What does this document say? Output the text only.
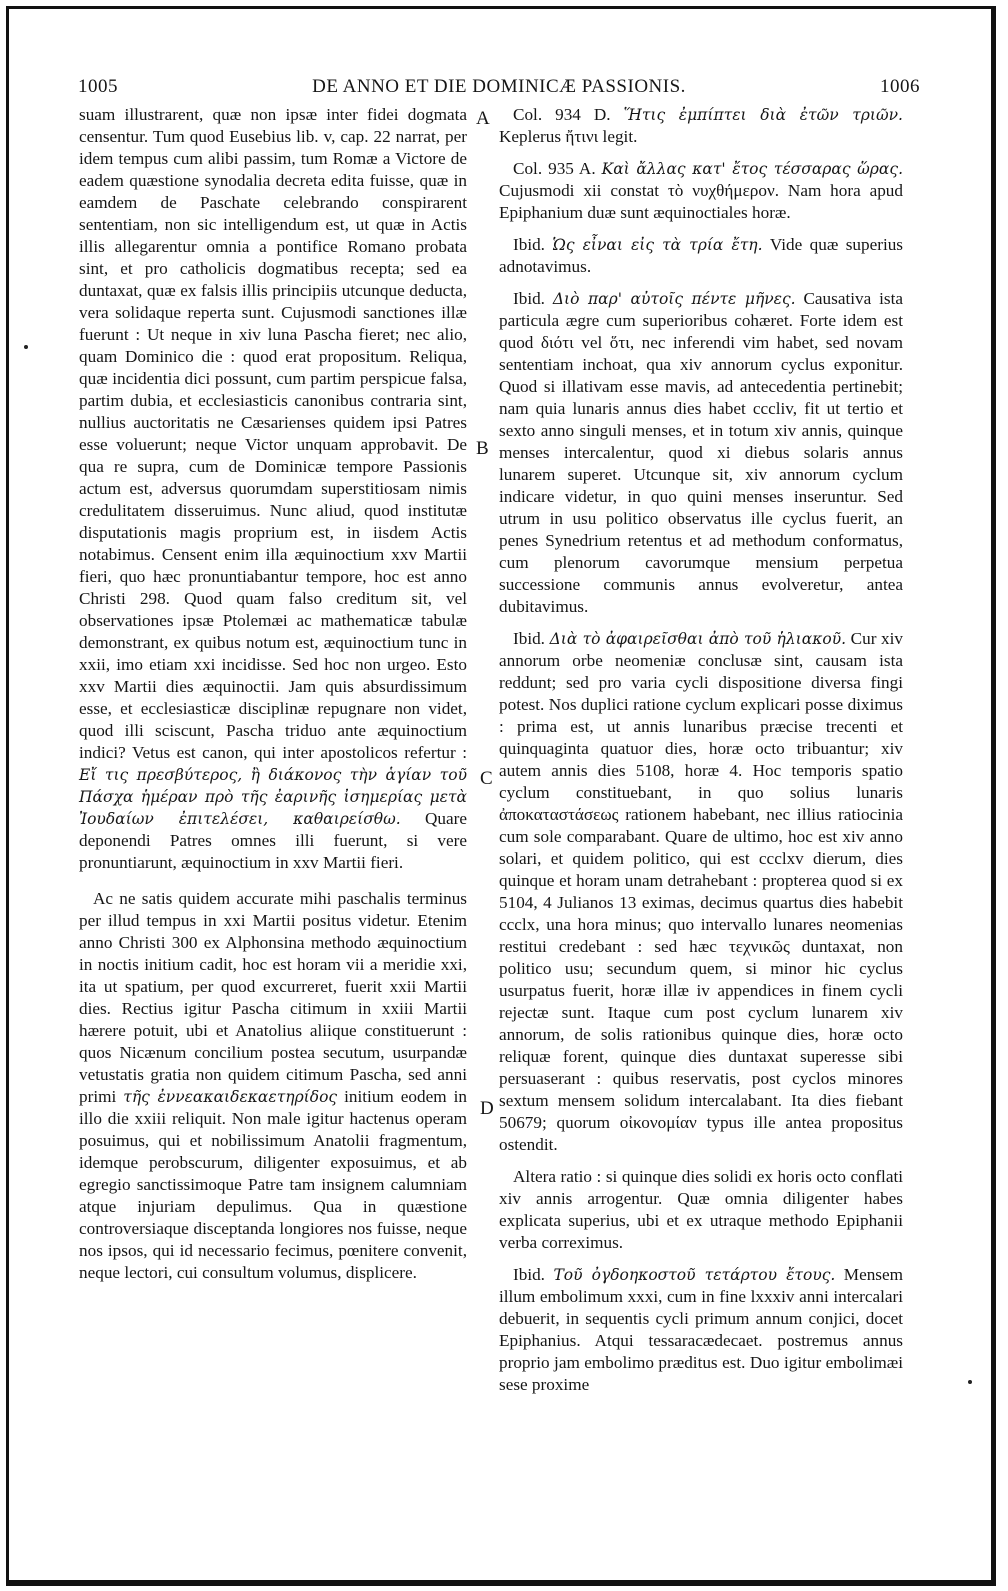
1005	DE ANNO ET DIE DOMINICÆ PASSIONIS.	1006
A
B
C
D

suam illustrarent, quæ non ipsæ inter fidei dogmata censentur. Tum quod Eusebius lib. v, cap. 22 narrat, per idem tempus cum alibi passim, tum Romæ a Victore de eadem quæstione synodalia decreta edita fuisse, quæ in eamdem de Paschate celebrando conspirarent sententiam, non sic intelligendum est, ut quæ in Actis illis allegarentur omnia a pontifice Romano probata sint, et pro catholicis dogmatibus recepta; sed ea duntaxat, quæ ex falsis illis principiis utcunque deducta, vera solidaque reperta sunt. Cujusmodi sanctiones illæ fuerunt : Ut neque in xiv luna Pascha fieret; nec alio, quam Dominico die : quod erat propositum. Reliqua, quæ incidentia dici possunt, cum partim perspicue falsa, partim dubia, et ecclesiasticis canonibus contraria sint, nullius auctoritatis ne Cæsarienses quidem ipsi Patres esse voluerunt; neque Victor unquam approbavit. De qua re supra, cum de Dominicæ tempore Passionis actum est, adversus quorumdam superstitiosam nimis credulitatem disseruimus. Nunc aliud, quod institutæ disputationis magis proprium est, in iisdem Actis notabimus. Censent enim illa æquinoctium xxv Martii fieri, quo hæc pronuntiabantur tempore, hoc est anno Christi 298. Quod quam falso creditum sit, vel observationes ipsæ Ptolemæi ac mathematicæ tabulæ demonstrant, ex quibus notum est, æquinoctium tunc in xxii, imo etiam xxi incidisse. Sed hoc non urgeo. Esto xxv Martii dies æquinoctii. Jam quis absurdissimum esse, et ecclesiasticæ disciplinæ repugnare non videt, quod illi sciscunt, Pascha triduo ante æquinoctium indici? Vetus est canon, qui inter apostolicos refertur : Εἴ τις πρεσβύτερος, ἢ διάκονος τὴν ἁγίαν τοῦ Πάσχα ἡμέραν πρὸ τῆς ἐαρινῆς ἰσημερίας μετὰ Ἰουδαίων ἐπιτελέσει, καθαιρείσθω. Quare deponendi Patres omnes illi fuerunt, si vere pronuntiarunt, æquinoctium in xxv Martii fieri.

Ac ne satis quidem accurate mihi paschalis terminus per illud tempus in xxi Martii positus videtur. Etenim anno Christi 300 ex Alphonsina methodo æquinoctium in noctis initium cadit, hoc est horam vii a meridie xxi, ita ut spatium, per quod excurreret, fuerit xxii Martii dies. Rectius igitur Pascha citimum in xxiii Martii hærere potuit, ubi et Anatolius aliique constituerunt : quos Nicænum concilium postea secutum, usurpandæ vetustatis gratia non quidem citimum Pascha, sed anni primi τῆς ἐννεακαιδεκαετηρίδος initium eodem in illo die xxiii reliquit. Non male igitur hactenus operam posuimus, qui et nobilissimum Anatolii fragmentum, idemque perobscurum, diligenter exposuimus, et ab egregio sanctissimoque Patre tam insignem calumniam atque injuriam depulimus. Qua in quæstione controversiaque disceptanda longiores nos fuisse, neque nos ipsos, qui id necessario fecimus, pœnitere convenit, neque lectori, cui consultum volumus, displicere.

Col. 934 D. Ἥτις ἐμπίπτει διὰ ἐτῶν τριῶν. Keplerus ἤτινι legit.

Col. 935 A. Καὶ ἄλλας κατ' ἔτος τέσσαρας ὥρας. Cujusmodi xii constat τὸ νυχθήμερον. Nam hora apud Epiphanium duæ sunt æquinoctiales horæ.

Ibid. Ὡς εἶναι εἰς τὰ τρία ἔτη. Vide quæ superius adnotavimus.

Ibid. Διὸ παρ' αὐτοῖς πέντε μῆνες. Causativa ista particula ægre cum superioribus cohæret. Forte idem est quod διότι vel ὅτι, nec inferendi vim habet, sed novam sententiam inchoat, qua xiv annorum cyclus exponitur. Quod si illativam esse mavis, ad antecedentia pertinebit; nam quia lunaris annus dies habet cccliv, fit ut tertio et sexto anno singuli menses, et in totum xiv annis, quinque menses intercalentur, quod xi diebus solaris annus lunarem superet. Utcunque sit, xiv annorum cyclum indicare videtur, in quo quini menses inseruntur. Sed utrum in usu politico observatus ille cyclus fuerit, an penes Synedrium retentus et ad methodum conformatus, cum plenorum cavorumque mensium perpetua successione communis annus evolveretur, antea dubitavimus.

Ibid. Διὰ τὸ ἀφαιρεῖσθαι ἀπὸ τοῦ ἡλιακοῦ. Cur xiv annorum orbe neomeniæ conclusæ sint, causam ista reddunt; sed pro varia cycli dispositione diversa fingi potest. Nos duplici ratione cyclum explicari posse diximus : prima est, ut annis lunaribus præcise trecenti et quinquaginta quatuor dies, horæ octo tribuantur; xiv autem annis dies 5108, horæ 4. Hoc temporis spatio cyclum constituebant, in quo solius lunaris ἀποκαταστάσεως rationem habebant, nec illius ratiocinia cum sole comparabant. Quare de ultimo, hoc est xiv anno solari, et quidem politico, qui est ccclxv dierum, dies quinque et horam unam detrahebant : propterea quod si ex 5104, 4 Julianos 13 eximas, decimus quartus dies habebit ccclx, una hora minus; quo intervallo lunares neomenias restitui credebant : sed hæc τεχνικῶς duntaxat, non politico usu; secundum quem, si minor hic cyclus usurpatus fuerit, horæ illæ iv appendices in finem cycli rejectæ sunt. Itaque cum post cyclum lunarem xiv annorum, de solis rationibus quinque dies, horæ octo reliquæ forent, quinque dies duntaxat superesse sibi persuaserant : quibus reservatis, post cyclos minores sextum mensem solidum intercalabant. Ita dies fiebant 50679; quorum οἰκονομίαν typus ille antea propositus ostendit.

Altera ratio : si quinque dies solidi ex horis octo conflati xiv annis arrogentur. Quæ omnia diligenter habes explicata superius, ubi et ex utraque methodo Epiphanii verba correximus.

Ibid. Τοῦ ὀγδοηκοστοῦ τετάρτου ἔτους. Mensem illum embolimum xxxi, cum in fine lxxxiv anni intercalari debuerit, in sequentis cycli primum annum conjici, docet Epiphanius. Atqui tessaracædecaet. postremus annus proprio jam embolimo præditus est. Duo igitur embolimæi sese proxime
